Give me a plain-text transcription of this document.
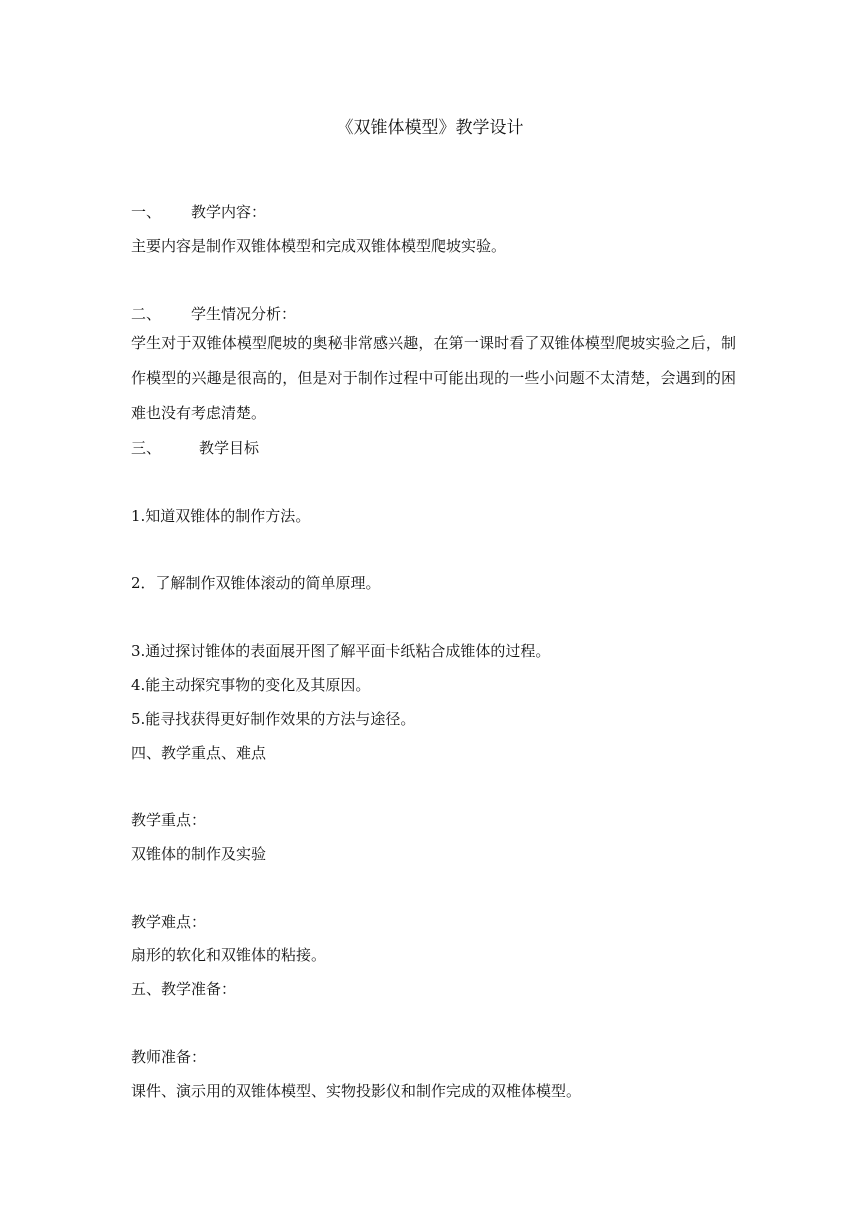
《双锥体模型》教学设计
一、 教学内容：
主要内容是制作双锥体模型和完成双锥体模型爬坡实验。
二、 学生情况分析：
学生对于双锥体模型爬坡的奥秘非常感兴趣，在第一课时看了双锥体模型爬坡实验之后，制作模型的兴趣是很高的，但是对于制作过程中可能出现的一些小问题不太清楚，会遇到的困难也没有考虑清楚。
三、	教学目标
1.知道双锥体的制作方法。
2．了解制作双锥体滚动的简单原理。
3.通过探讨锥体的表面展开图了解平面卡纸粘合成锥体的过程。
4.能主动探究事物的变化及其原因。
5.能寻找获得更好制作效果的方法与途径。
四、教学重点、难点
教学重点：
双锥体的制作及实验
教学难点：
扇形的软化和双锥体的粘接。
五、教学准备：
教师准备：
课件、演示用的双锥体模型、实物投影仪和制作完成的双椎体模型。
